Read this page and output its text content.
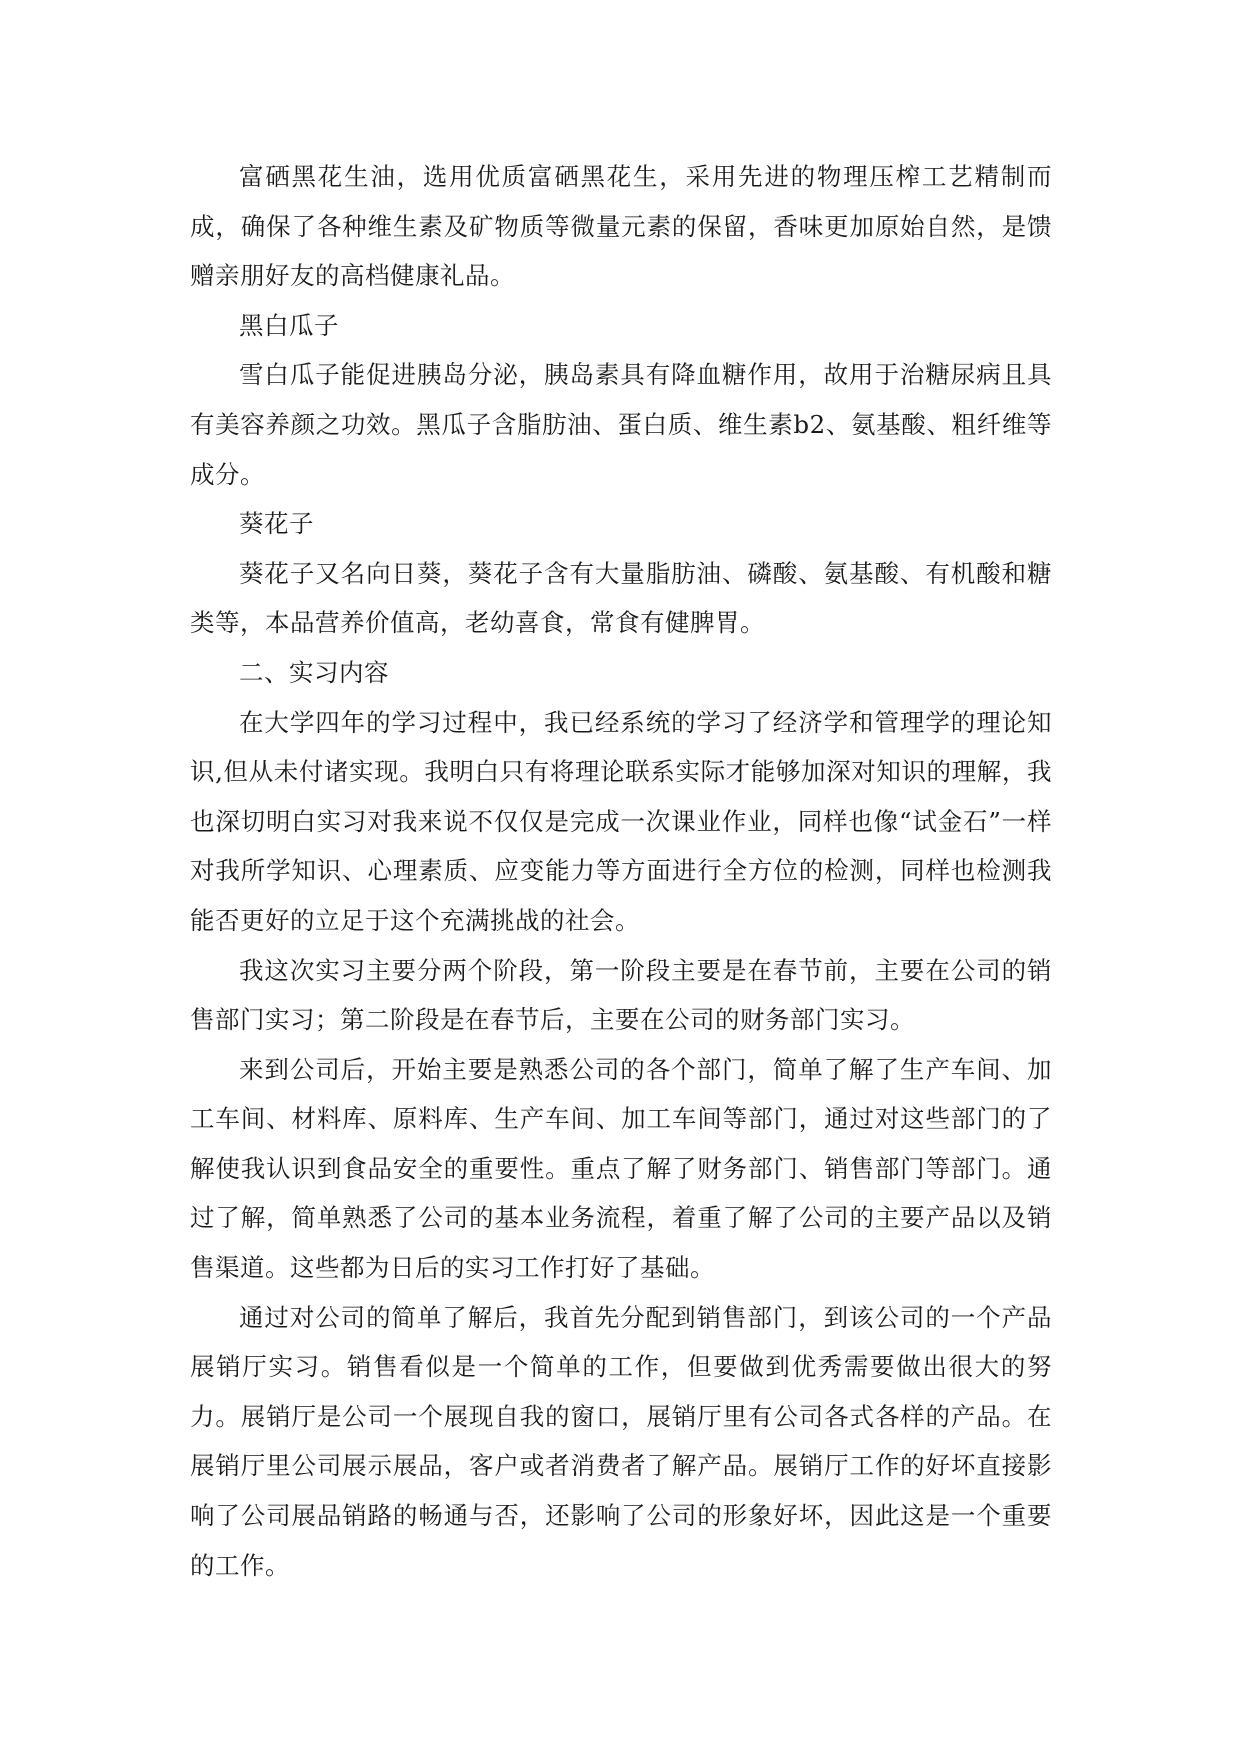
富硒黑花生油，选用优质富硒黑花生，采用先进的物理压榨工艺精制而成，确保了各种维生素及矿物质等微量元素的保留，香味更加原始自然，是馈赠亲朋好友的高档健康礼品。

黑白瓜子

雪白瓜子能促进胰岛分泌，胰岛素具有降血糖作用，故用于治糖尿病且具有美容养颜之功效。黑瓜子含脂肪油、蛋白质、维生素b2、氨基酸、粗纤维等成分。

葵花子

葵花子又名向日葵，葵花子含有大量脂肪油、磷酸、氨基酸、有机酸和糖类等，本品营养价值高，老幼喜食，常食有健脾胃。

二、实习内容

在大学四年的学习过程中，我已经系统的学习了经济学和管理学的理论知识,但从未付诸实现。我明白只有将理论联系实际才能够加深对知识的理解，我也深切明白实习对我来说不仅仅是完成一次课业作业，同样也像“试金石”一样对我所学知识、心理素质、应变能力等方面进行全方位的检测，同样也检测我能否更好的立足于这个充满挑战的社会。

我这次实习主要分两个阶段，第一阶段主要是在春节前，主要在公司的销售部门实习；第二阶段是在春节后，主要在公司的财务部门实习。

来到公司后，开始主要是熟悉公司的各个部门，简单了解了生产车间、加工车间、材料库、原料库、生产车间、加工车间等部门，通过对这些部门的了解使我认识到食品安全的重要性。重点了解了财务部门、销售部门等部门。通过了解，简单熟悉了公司的基本业务流程，着重了解了公司的主要产品以及销售渠道。这些都为日后的实习工作打好了基础。

通过对公司的简单了解后，我首先分配到销售部门，到该公司的一个产品展销厅实习。销售看似是一个简单的工作，但要做到优秀需要做出很大的努力。展销厅是公司一个展现自我的窗口，展销厅里有公司各式各样的产品。在展销厅里公司展示展品，客户或者消费者了解产品。展销厅工作的好坏直接影响了公司展品销路的畅通与否，还影响了公司的形象好坏，因此这是一个重要的工作。
